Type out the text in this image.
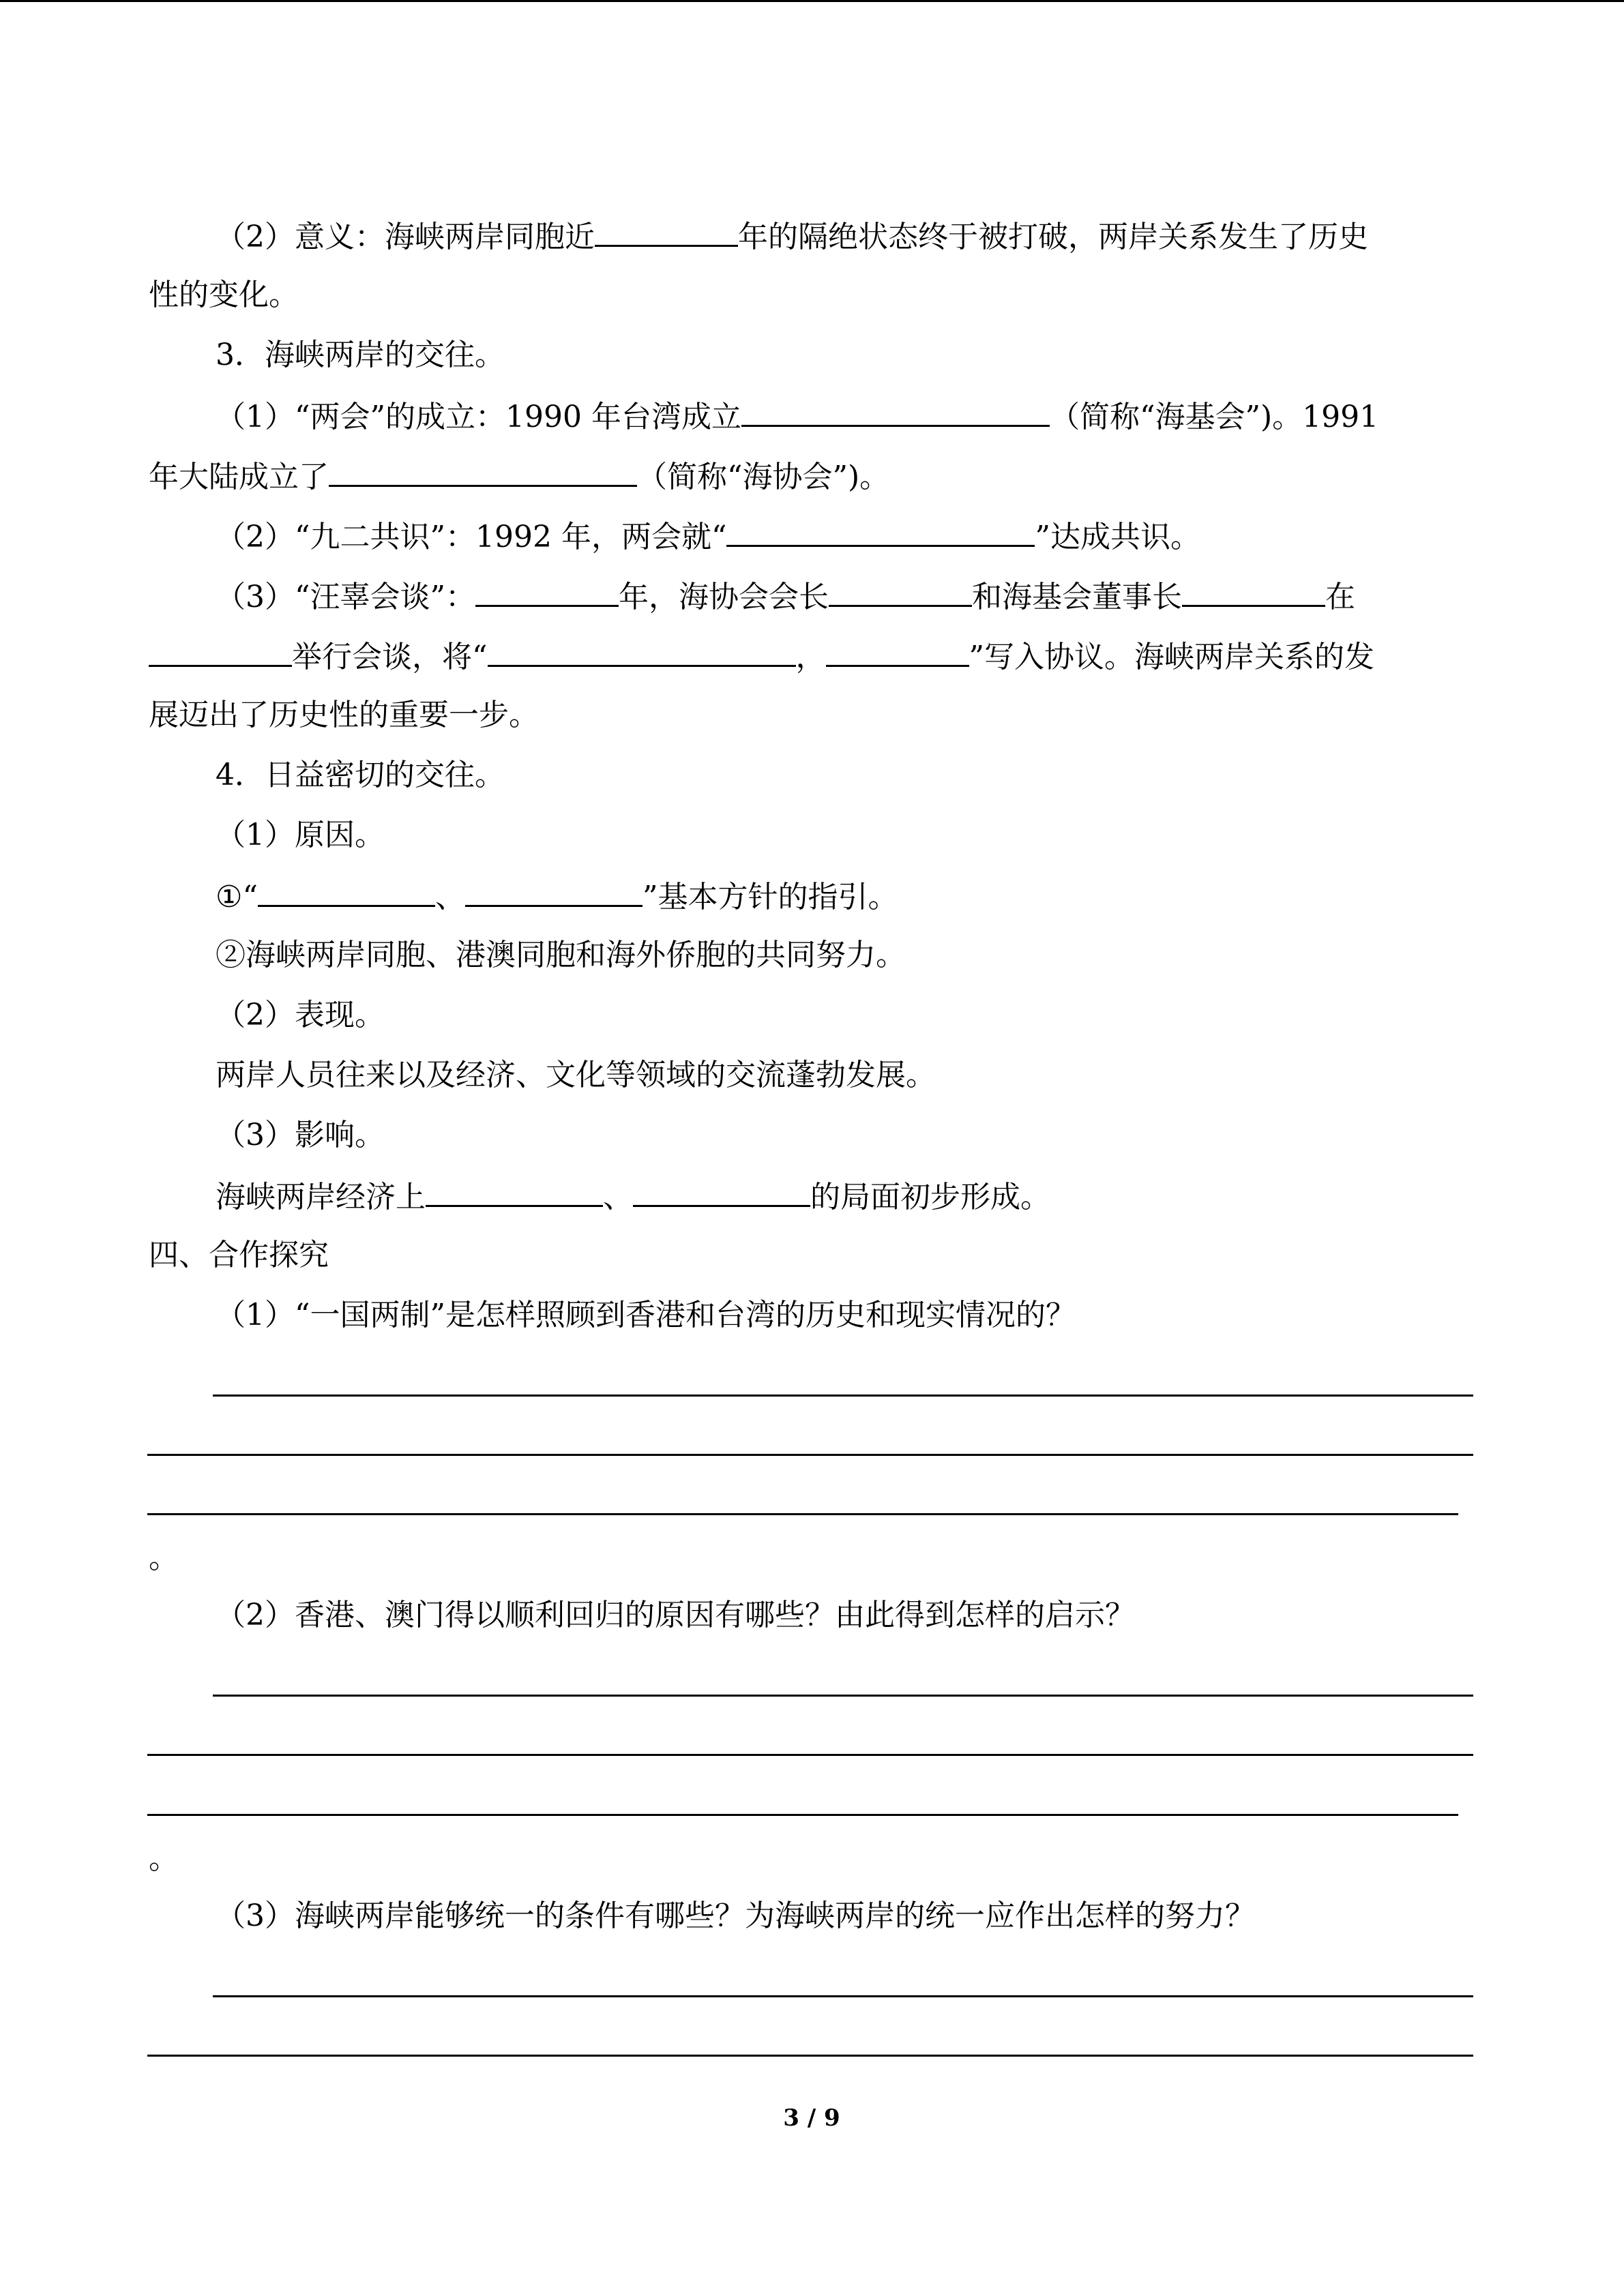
（2）意义：海峡两岸同胞近	年的隔绝状态终于被打破，两岸关系发生了历史
性的变化。
3．海峡两岸的交往。
（1）“两会”的成立：1990 年台湾成立	（简称“海基会”)。1991
年大陆成立了	（简称“海协会”)。
（2）“九二共识”：1992 年，两会就“	”达成共识。
（3）“汪辜会谈”：	年，海协会会长	和海基会董事长	在
举行会谈，将“	，	”写入协议。海峡两岸关系的发
展迈出了历史性的重要一步。
4．日益密切的交往。
（1）原因。
①“	、	”基本方针的指引。
②海峡两岸同胞、港澳同胞和海外侨胞的共同努力。
（2）表现。
两岸人员往来以及经济、文化等领域的交流蓬勃发展。
（3）影响。
海峡两岸经济上	、	的局面初步形成。
四、合作探究
（1）“一国两制”是怎样照顾到香港和台湾的历史和现实情况的？
。
（2）香港、澳门得以顺利回归的原因有哪些？由此得到怎样的启示？
。
（3）海峡两岸能够统一的条件有哪些？为海峡两岸的统一应作出怎样的努力？
3 / 9
